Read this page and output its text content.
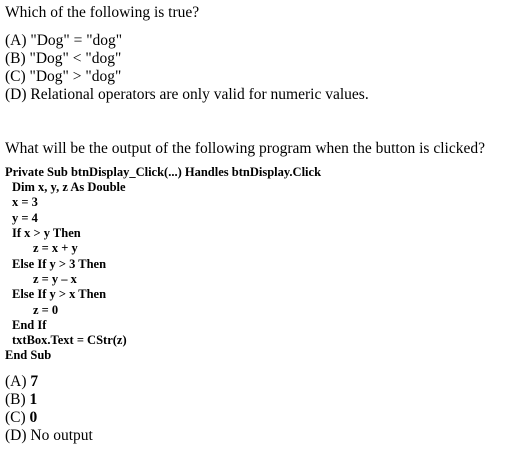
Which of the following is true?
(A) "Dog" = "dog"
(B) "Dog" < "dog"
(C) "Dog" > "dog"
(D) Relational operators are only valid for numeric values.
What will be the output of the following program when the button is clicked?
Private Sub btnDisplay_Click(...) Handles btnDisplay.Click
Dim x, y, z As Double
x = 3
y = 4
If x > y Then
z = x + y
Else If y > 3 Then
z = y – x
Else If y > x Then
z = 0
End If
txtBox.Text = CStr(z)
End Sub
(A) 7
(B) 1
(C) 0
(D) No output
